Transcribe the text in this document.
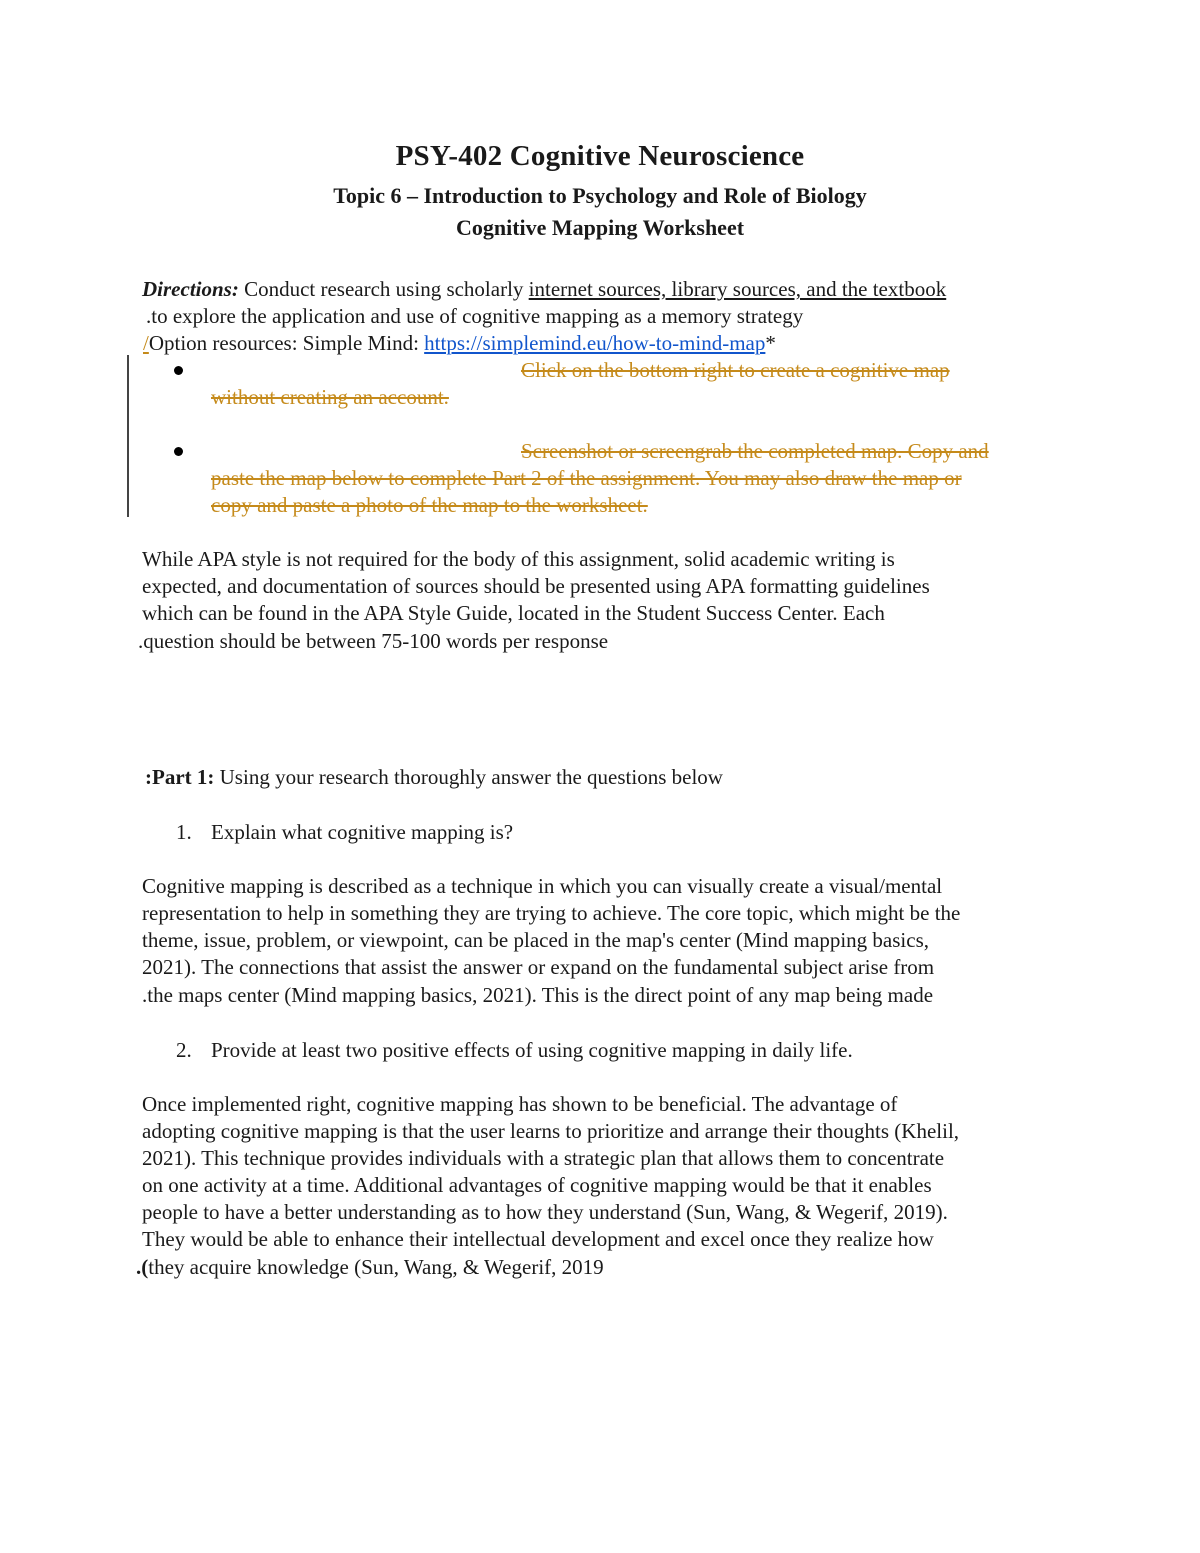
PSY-402 Cognitive Neuroscience
Topic 6 – Introduction to Psychology and Role of Biology
Cognitive Mapping Worksheet
Directions: Conduct research using scholarly internet sources, library sources, and the textbook
.to explore the application and use of cognitive mapping as a memory strategy
/Option resources: Simple Mind: https://simplemind.eu/how-to-mind-map*
Click on the bottom right to create a cognitive map
without creating an account.
Screenshot or screengrab the completed map. Copy and
paste the map below to complete Part 2 of the assignment. You may also draw the map or
copy and paste a photo of the map to the worksheet.
While APA style is not required for the body of this assignment, solid academic writing is
expected, and documentation of sources should be presented using APA formatting guidelines
which can be found in the APA Style Guide, located in the Student Success Center. Each
.question should be between 75-100 words per response
:Part 1: Using your research thoroughly answer the questions below
1. Explain what cognitive mapping is?
Cognitive mapping is described as a technique in which you can visually create a visual/mental
representation to help in something they are trying to achieve. The core topic, which might be the
theme, issue, problem, or viewpoint, can be placed in the map's center (Mind mapping basics,
2021). The connections that assist the answer or expand on the fundamental subject arise from
.the maps center (Mind mapping basics, 2021). This is the direct point of any map being made
2. Provide at least two positive effects of using cognitive mapping in daily life.
Once implemented right, cognitive mapping has shown to be beneficial. The advantage of
adopting cognitive mapping is that the user learns to prioritize and arrange their thoughts (Khelil,
2021). This technique provides individuals with a strategic plan that allows them to concentrate
on one activity at a time. Additional advantages of cognitive mapping would be that it enables
people to have a better understanding as to how they understand (Sun, Wang, & Wegerif, 2019).
They would be able to enhance their intellectual development and excel once they realize how
.(they acquire knowledge (Sun, Wang, & Wegerif, 2019
